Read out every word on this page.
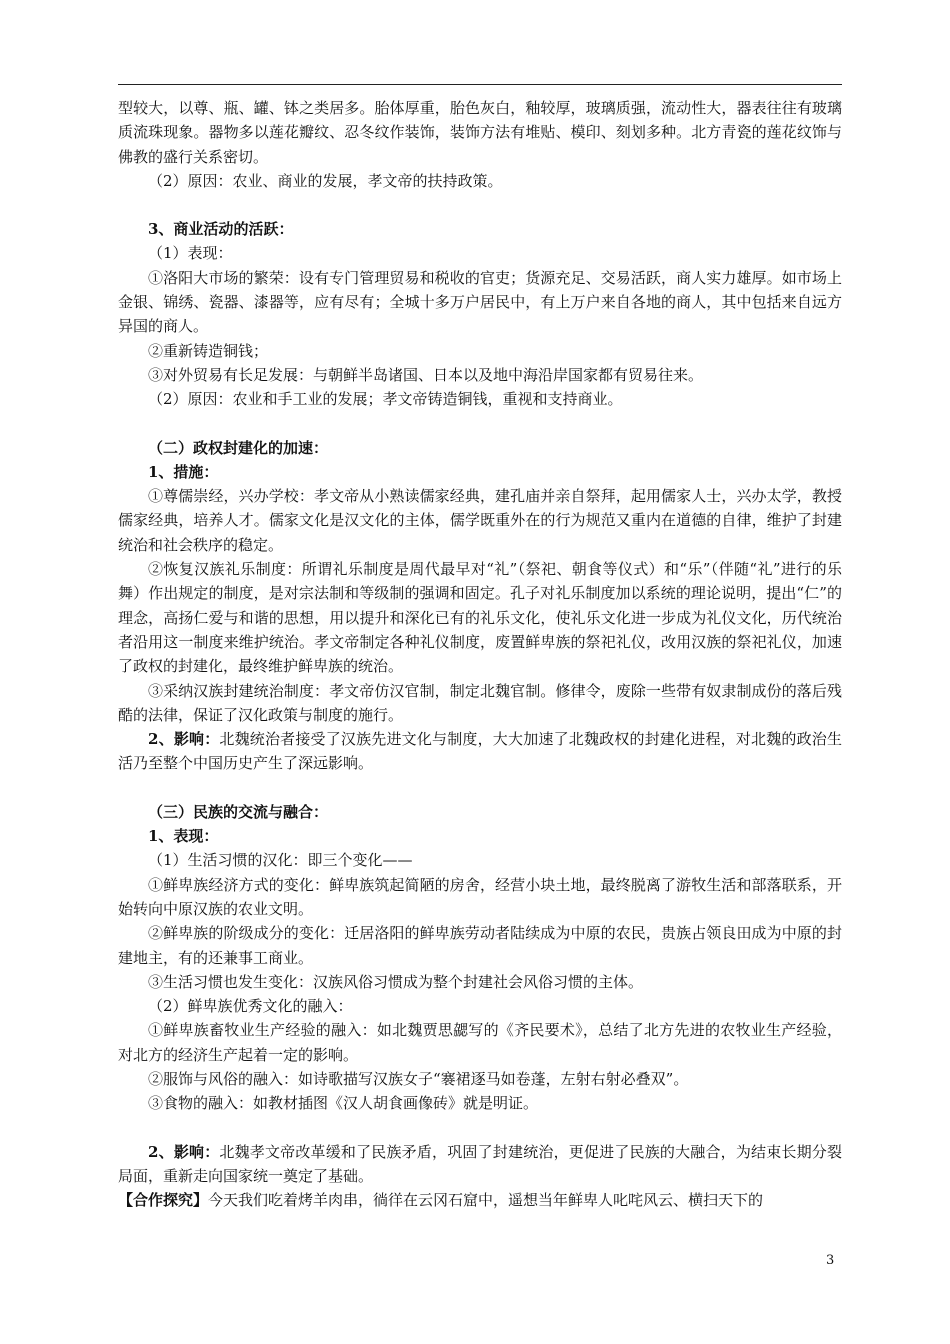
型较大，以尊、瓶、罐、钵之类居多。胎体厚重，胎色灰白，釉较厚，玻璃质强，流动性大，器表往往有玻璃质流珠现象。器物多以莲花瓣纹、忍冬纹作装饰，装饰方法有堆贴、模印、刻划多种。北方青瓷的莲花纹饰与佛教的盛行关系密切。

（2）原因：农业、商业的发展，孝文帝的扶持政策。

3、商业活动的活跃：

（1）表现：

①洛阳大市场的繁荣：设有专门管理贸易和税收的官吏；货源充足、交易活跃，商人实力雄厚。如市场上金银、锦绣、瓷器、漆器等，应有尽有；全城十多万户居民中，有上万户来自各地的商人，其中包括来自远方异国的商人。

②重新铸造铜钱；

③对外贸易有长足发展：与朝鲜半岛诸国、日本以及地中海沿岸国家都有贸易往来。

（2）原因：农业和手工业的发展；孝文帝铸造铜钱，重视和支持商业。

（二）政权封建化的加速：

1、措施：

①尊儒崇经，兴办学校：孝文帝从小熟读儒家经典，建孔庙并亲自祭拜，起用儒家人士，兴办太学，教授儒家经典，培养人才。儒家文化是汉文化的主体，儒学既重外在的行为规范又重内在道德的自律，维护了封建统治和社会秩序的稳定。

②恢复汉族礼乐制度：所谓礼乐制度是周代最早对“礼”（祭祀、朝食等仪式）和“乐”（伴随“礼”进行的乐舞）作出规定的制度，是对宗法制和等级制的强调和固定。孔子对礼乐制度加以系统的理论说明，提出“仁”的理念，高扬仁爱与和谐的思想，用以提升和深化已有的礼乐文化，使礼乐文化进一步成为礼仪文化，历代统治者沿用这一制度来维护统治。孝文帝制定各种礼仪制度，废置鲜卑族的祭祀礼仪，改用汉族的祭祀礼仪，加速了政权的封建化，最终维护鲜卑族的统治。

③采纳汉族封建统治制度：孝文帝仿汉官制，制定北魏官制。修律令，废除一些带有奴隶制成份的落后残酷的法律，保证了汉化政策与制度的施行。

2、影响：北魏统治者接受了汉族先进文化与制度，大大加速了北魏政权的封建化进程，对北魏的政治生活乃至整个中国历史产生了深远影响。

（三）民族的交流与融合：

1、表现：

（1）生活习惯的汉化：即三个变化——

①鲜卑族经济方式的变化：鲜卑族筑起简陋的房舍，经营小块土地，最终脱离了游牧生活和部落联系，开始转向中原汉族的农业文明。

②鲜卑族的阶级成分的变化：迁居洛阳的鲜卑族劳动者陆续成为中原的农民，贵族占领良田成为中原的封建地主，有的还兼事工商业。

③生活习惯也发生变化：汉族风俗习惯成为整个封建社会风俗习惯的主体。

（2）鲜卑族优秀文化的融入：

①鲜卑族畜牧业生产经验的融入：如北魏贾思勰写的《齐民要术》，总结了北方先进的农牧业生产经验，对北方的经济生产起着一定的影响。

②服饰与风俗的融入：如诗歌描写汉族女子“褰裙逐马如卷蓬，左射右射必叠双”。

③食物的融入：如教材插图《汉人胡食画像砖》就是明证。

2、影响：北魏孝文帝改革缓和了民族矛盾，巩固了封建统治，更促进了民族的大融合，为结束长期分裂局面，重新走向国家统一奠定了基础。

【合作探究】今天我们吃着烤羊肉串，徜徉在云冈石窟中，遥想当年鲜卑人叱咤风云、横扫天下的

3
